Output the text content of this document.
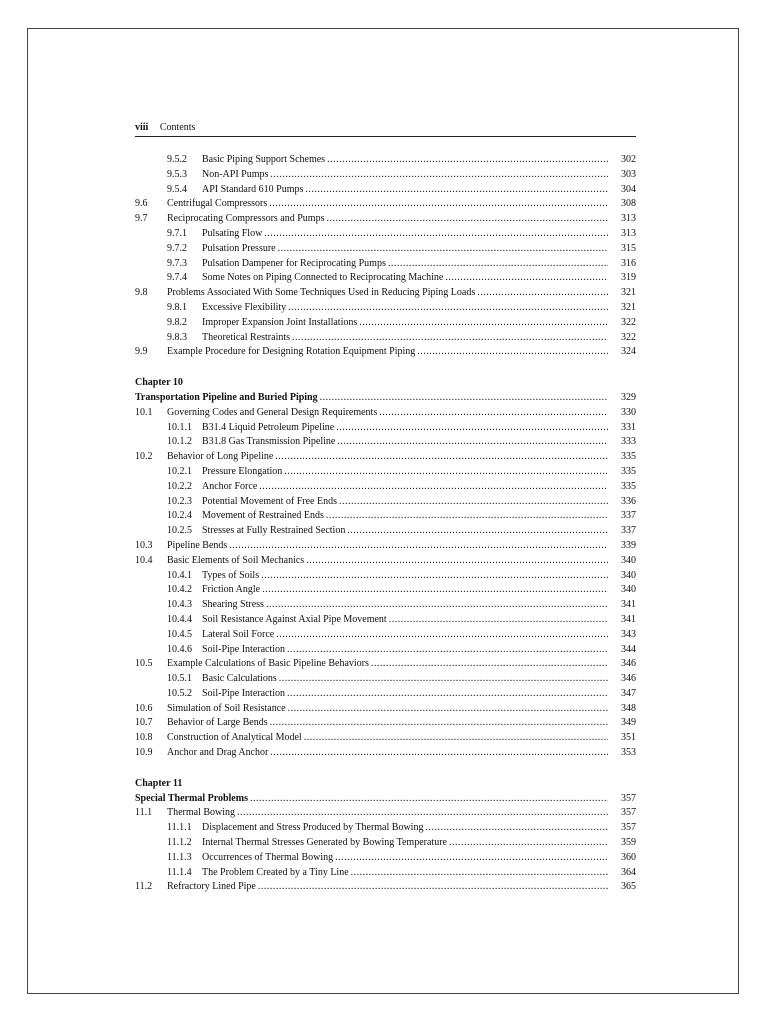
viii Contents
9.5.2	Basic Piping Support Schemes .....	302
9.5.3	Non-API Pumps .....	303
9.5.4	API Standard 610 Pumps .....	304
9.6	Centrifugal Compressors .....	308
9.7	Reciprocating Compressors and Pumps .....	313
9.7.1	Pulsating Flow .....	313
9.7.2	Pulsation Pressure .....	315
9.7.3	Pulsation Dampener for Reciprocating Pumps .....	316
9.7.4	Some Notes on Piping Connected to Reciprocating Machine .....	319
9.8	Problems Associated With Some Techniques Used in Reducing Piping Loads .....	321
9.8.1	Excessive Flexibility .....	321
9.8.2	Improper Expansion Joint Installations .....	322
9.8.3	Theoretical Restraints .....	322
9.9	Example Procedure for Designing Rotation Equipment Piping .....	324
Chapter 10
Transportation Pipeline and Buried Piping .....	329
10.1	Governing Codes and General Design Requirements .....	330
10.1.1	B31.4 Liquid Petroleum Pipeline .....	331
10.1.2	B31.8 Gas Transmission Pipeline .....	333
10.2	Behavior of Long Pipeline .....	335
10.2.1	Pressure Elongation .....	335
10.2.2	Anchor Force .....	335
10.2.3	Potential Movement of Free Ends .....	336
10.2.4	Movement of Restrained Ends .....	337
10.2.5	Stresses at Fully Restrained Section .....	337
10.3	Pipeline Bends .....	339
10.4	Basic Elements of Soil Mechanics .....	340
10.4.1	Types of Soils .....	340
10.4.2	Friction Angle .....	340
10.4.3	Shearing Stress .....	341
10.4.4	Soil Resistance Against Axial Pipe Movement .....	341
10.4.5	Lateral Soil Force .....	343
10.4.6	Soil-Pipe Interaction .....	344
10.5	Example Calculations of Basic Pipeline Behaviors .....	346
10.5.1	Basic Calculations .....	346
10.5.2	Soil-Pipe Interaction .....	347
10.6	Simulation of Soil Resistance .....	348
10.7	Behavior of Large Bends .....	349
10.8	Construction of Analytical Model .....	351
10.9	Anchor and Drag Anchor .....	353
Chapter 11
Special Thermal Problems .....	357
11.1	Thermal Bowing .....	357
11.1.1	Displacement and Stress Produced by Thermal Bowing .....	357
11.1.2	Internal Thermal Stresses Generated by Bowing Temperature .....	359
11.1.3	Occurrences of Thermal Bowing .....	360
11.1.4	The Problem Created by a Tiny Line .....	364
11.2	Refractory Lined Pipe .....	365
